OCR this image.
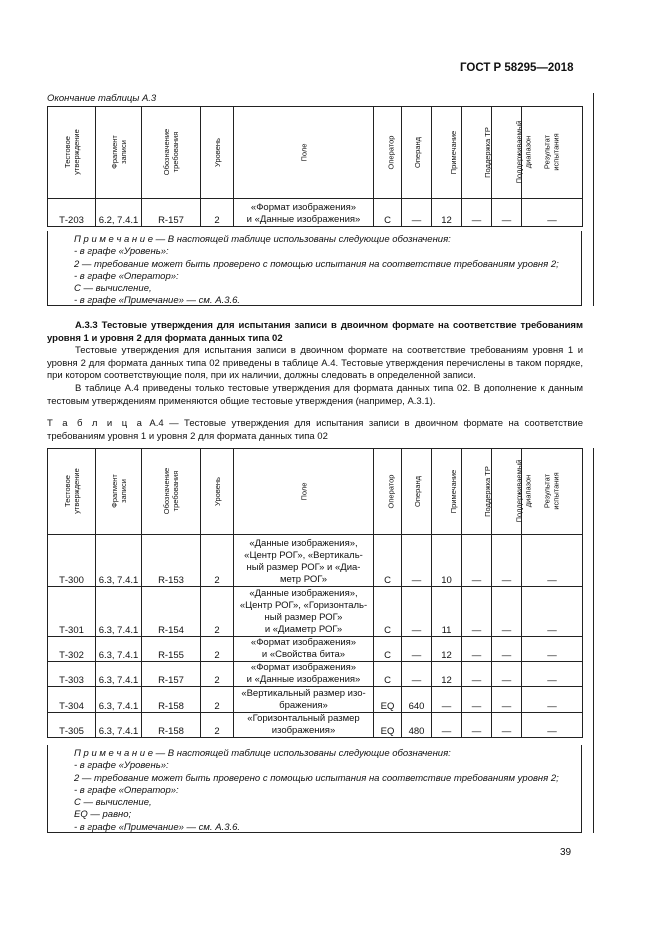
ГОСТ Р 58295—2018
Окончание таблицы А.3
Тестовое утверждение	Фрагмент записи	Обозначение требования	Уровень	Поле	Оператор	Операнд	Примечание	Поддержка ТР	Поддерживаемый диапазон	Результат испытания

Т-203	6.2, 7.4.1	R-157	2	«Формат изображения»
и «Данные изображения»	С	—	12	—	—	—
П р и м е ч а н и е — В настоящей таблице использованы следующие обозначения:
- в графе «Уровень»:
2 — требование может быть проверено с помощью испытания на соответствие требованиям уровня 2;
- в графе «Оператор»:
С — вычисление,
- в графе «Примечание» — см. А.3.6.

А.3.3 Тестовые утверждения для испытания записи в двоичном формате на соответствие требованиям уровня 1 и уровня 2 для формата данных типа 02

Тестовые утверждения для испытания записи в двоичном формате на соответствие требованиям уровня 1 и уровня 2 для формата данных типа 02 приведены в таблице А.4. Тестовые утверждения перечислены в таком порядке, при котором соответствующие поля, при их наличии, должны следовать в определенной записи.

В таблице А.4 приведены только тестовые утверждения для формата данных типа 02. В дополнение к данным тестовым утверждениям применяются общие тестовые утверждения (например, А.3.1).

Т а б л и ц а А.4 — Тестовые утверждения для испытания записи в двоичном формате на соответствие требованиям уровня 1 и уровня 2 для формата данных типа 02

Тестовое утверждение	Фрагмент записи	Обозначение требования	Уровень	Поле	Оператор	Операнд	Примечание	Поддержка ТР	Поддерживаемый диапазон	Результат испытания

Т-300	6.3, 7.4.1	R-153	2	«Данные изображения»,
«Центр РОГ», «Вертикаль-
ный размер РОГ» и «Диа-
метр РОГ»	С	—	10	—	—	—
Т-301	6.3, 7.4.1	R-154	2	«Данные изображения»,
«Центр РОГ», «Горизонталь-
ный размер РОГ»
и «Диаметр РОГ»	С	—	11	—	—	—
Т-302	6.3, 7.4.1	R-155	2	«Формат изображения»
и «Свойства бита»	С	—	12	—	—	—
Т-303	6.3, 7.4.1	R-157	2	«Формат изображения»
и «Данные изображения»	С	—	12	—	—	—
Т-304	6.3, 7.4.1	R-158	2	«Вертикальный размер изо-
бражения»	EQ	640	—	—	—	—
Т-305	6.3, 7.4.1	R-158	2	«Горизонтальный размер
изображения»	EQ	480	—	—	—	—
П р и м е ч а н и е — В настоящей таблице использованы следующие обозначения:
- в графе «Уровень»:
2 — требование может быть проверено с помощью испытания на соответствие требованиям уровня 2;
- в графе «Оператор»:
С — вычисление,
EQ — равно;
- в графе «Примечание» — см. А.3.6.
39
